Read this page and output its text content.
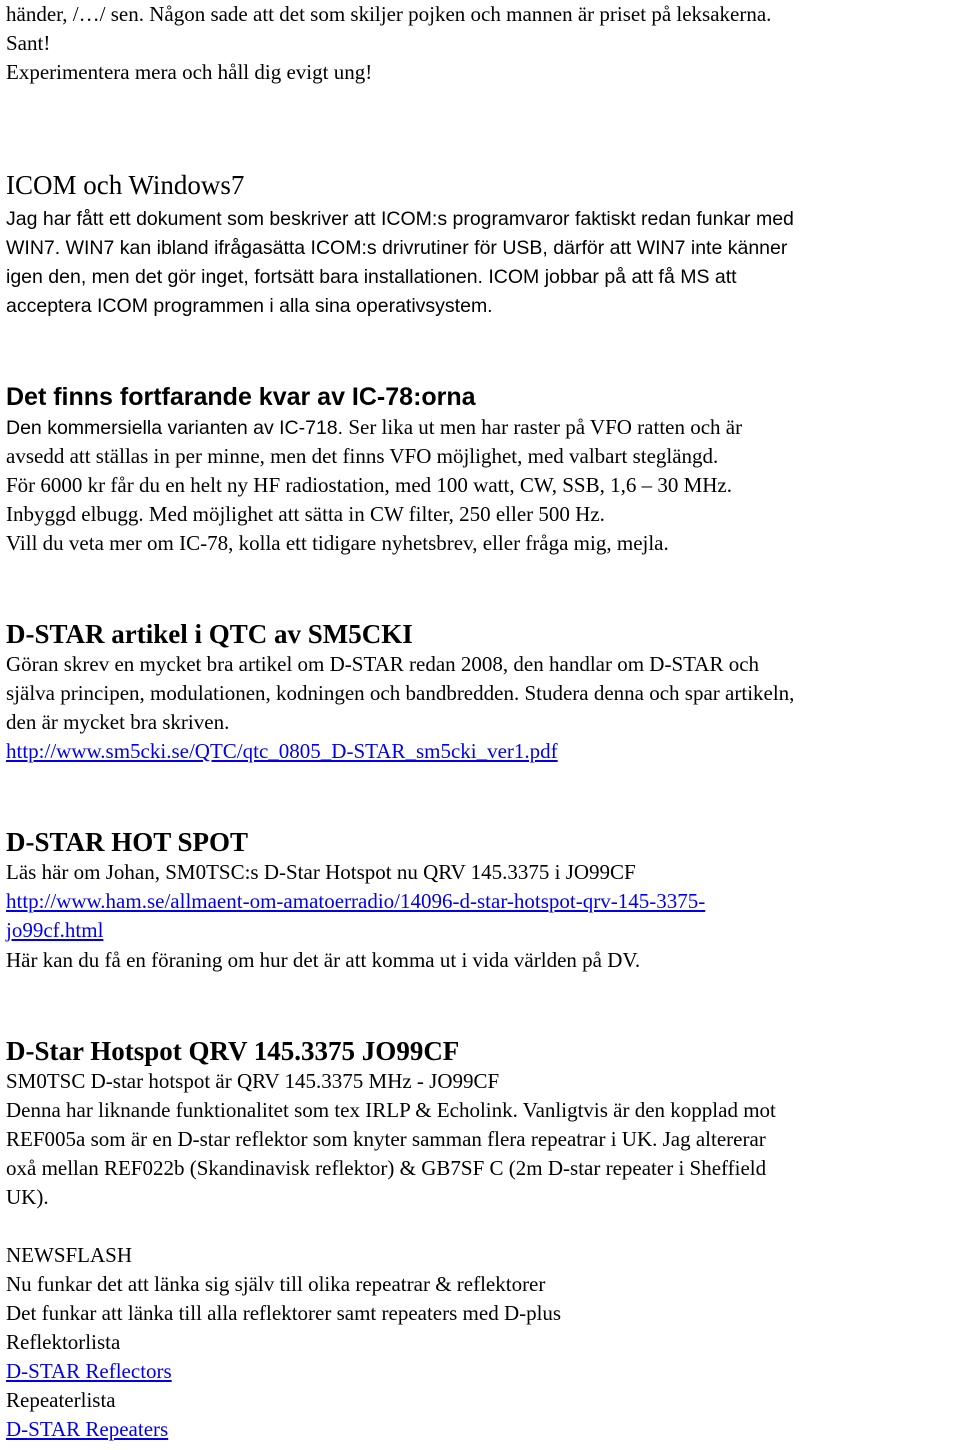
händer, /…/ sen. Någon sade att det som skiljer pojken och mannen är priset på leksakerna.
Sant!
Experimentera mera och håll dig evigt ung!
ICOM och Windows7
Jag har fått ett dokument som beskriver att ICOM:s programvaror faktiskt redan funkar med
WIN7. WIN7 kan ibland ifrågasätta ICOM:s drivrutiner för USB, därför att WIN7 inte känner
igen den, men det gör inget, fortsätt bara installationen. ICOM jobbar på att få MS att
acceptera ICOM programmen i alla sina operativsystem.
Det finns fortfarande kvar av IC-78:orna
Den kommersiella varianten av IC-718. Ser lika ut men har raster på VFO ratten och är
avsedd att ställas in per minne, men det finns VFO möjlighet, med valbart steglängd.
För 6000 kr får du en helt ny HF radiostation, med 100 watt, CW, SSB, 1,6 – 30 MHz.
Inbyggd elbugg. Med möjlighet att sätta in CW filter, 250 eller 500 Hz.
Vill du veta mer om IC-78, kolla ett tidigare nyhetsbrev, eller fråga mig, mejla.
D-STAR artikel i QTC av SM5CKI
Göran skrev en mycket bra artikel om D-STAR redan 2008, den handlar om D-STAR och
själva principen, modulationen, kodningen och bandbredden. Studera denna och spar artikeln,
den är mycket bra skriven.
http://www.sm5cki.se/QTC/qtc_0805_D-STAR_sm5cki_ver1.pdf
D-STAR HOT SPOT
Läs här om Johan, SM0TSC:s D-Star Hotspot nu QRV 145.3375 i JO99CF
http://www.ham.se/allmaent-om-amatoerradio/14096-d-star-hotspot-qrv-145-3375-
jo99cf.html
Här kan du få en föraning om hur det är att komma ut i vida världen på DV.
D-Star Hotspot QRV 145.3375 JO99CF
SM0TSC D-star hotspot är QRV 145.3375 MHz - JO99CF
Denna har liknande funktionalitet som tex IRLP & Echolink. Vanligtvis är den kopplad mot
REF005a som är en D-star reflektor som knyter samman flera repeatrar i UK. Jag altererar
oxå mellan REF022b (Skandinavisk reflektor) & GB7SF C (2m D-star repeater i Sheffield
UK).
NEWSFLASH
Nu funkar det att länka sig själv till olika repeatrar & reflektorer
Det funkar att länka till alla reflektorer samt repeaters med D-plus
Reflektorlista
D-STAR Reflectors
Repeaterlista
D-STAR Repeaters
